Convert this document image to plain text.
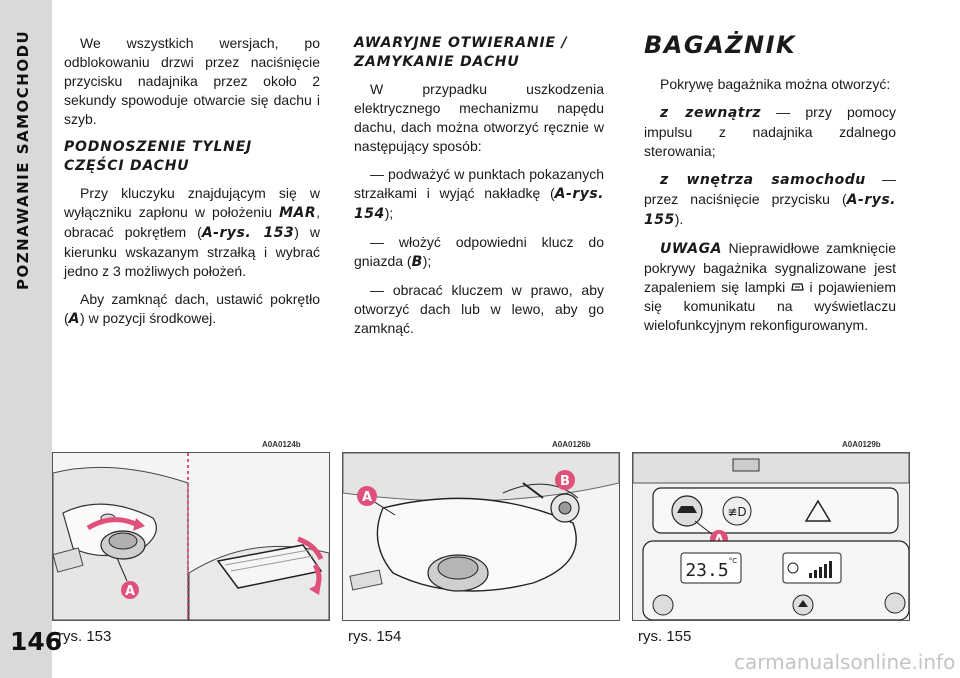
POZNAWANIE SAMOCHODU
146

We wszystkich wersjach, po odblokowaniu drzwi przez naciśnięcie przycisku nadajnika przez około 2 sekundy spowoduje otwarcie się dachu i szyb.

PODNOSZENIE TYLNEJ
CZĘŚCI DACHU

Przy kluczyku znajdującym się w wyłączniku zapłonu w położeniu MAR, obracać pokrętłem (A-rys. 153) w kierunku wskazanym strzałką i wybrać jedno z 3 możliwych położeń.

Aby zamknąć dach, ustawić pokrętło (A) w pozycji środkowej.

AWARYJNE OTWIERANIE /
ZAMYKANIE DACHU

W przypadku uszkodzenia elektrycznego mechanizmu napędu dachu, dach można otworzyć ręcznie w następujący sposób:

— podważyć w punktach pokazanych strzałkami i wyjąć nakładkę (A-rys. 154);

— włożyć odpowiedni klucz do gniazda (B);

— obracać kluczem w prawo, aby otworzyć dach lub w lewo, aby go zamknąć.

BAGAŻNIK

Pokrywę bagażnika można otworzyć:

z zewnątrz — przy pomocy impulsu z nadajnika zdalnego sterowania;

z wnętrza samochodu — przez naciśnięcie przycisku (A-rys. 155).

UWAGA Nieprawidłowe zamknięcie pokrywy bagażnika sygnalizowane jest zapaleniem się lampki  i pojawieniem się komunikatu na wyświetlaczu wielofunkcyjnym rekonfigurowanym.

A0A0124b
A
rys. 153
A0A0126b
A
B
rys. 154
A0A0129b
≢D
23.5 °C
rys. 155
carmanualsonline.info
